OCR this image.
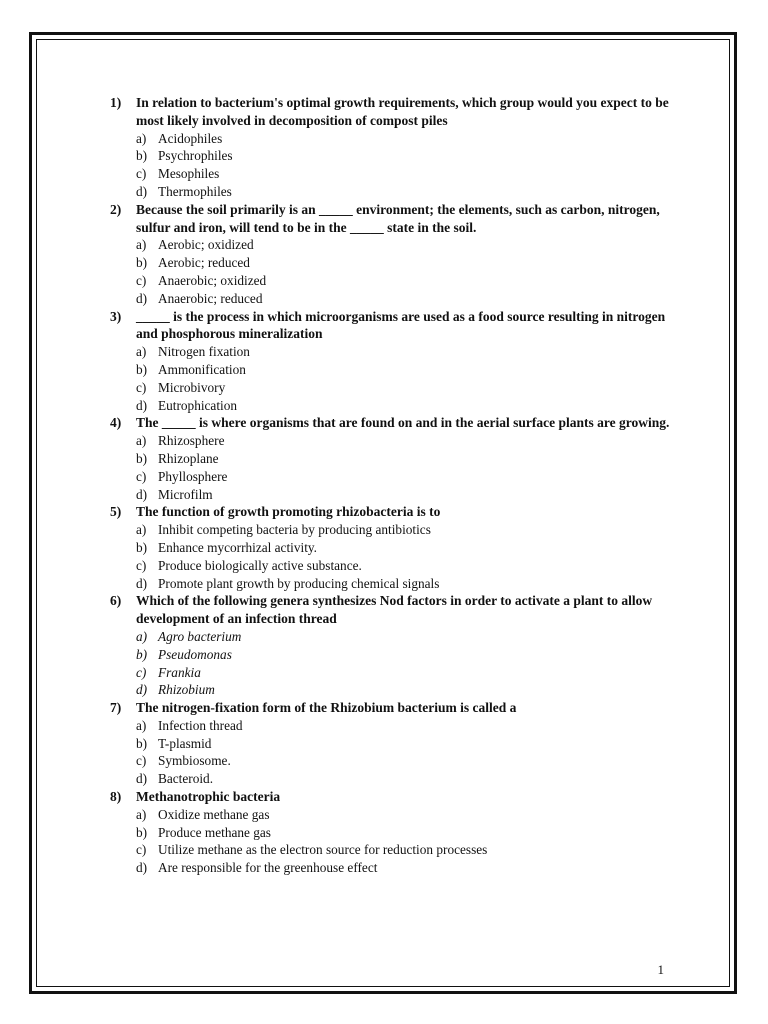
1)	In relation to bacterium's optimal growth requirements, which group would you expect to be most likely involved in decomposition of compost piles
a) Acidophiles
b) Psychrophiles
c) Mesophiles
d) Thermophiles
2)	Because the soil primarily is an _____ environment; the elements, such as carbon, nitrogen, sulfur and iron, will tend to be in the _____ state in the soil.
a) Aerobic; oxidized
b) Aerobic; reduced
c) Anaerobic; oxidized
d) Anaerobic; reduced
3)	_____ is the process in which microorganisms are used as a food source resulting in nitrogen and phosphorous mineralization
a) Nitrogen fixation
b) Ammonification
c) Microbivory
d) Eutrophication
4)	The _____ is where organisms that are found on and in the aerial surface plants are growing.
a) Rhizosphere
b) Rhizoplane
c) Phyllosphere
d) Microfilm
5)	The function of growth promoting rhizobacteria is to
a) Inhibit competing bacteria by producing antibiotics
b) Enhance mycorrhizal activity.
c) Produce biologically active substance.
d) Promote plant growth by producing chemical signals
6)	Which of the following genera synthesizes Nod factors in order to activate a plant to allow development of an infection thread
a) Agro bacterium
b) Pseudomonas
c) Frankia
d) Rhizobium
7)	The nitrogen-fixation form of the Rhizobium bacterium is called a
a) Infection thread
b) T-plasmid
c) Symbiosome.
d) Bacteroid.
8)	Methanotrophic bacteria
a) Oxidize methane gas
b) Produce methane gas
c) Utilize methane as the electron source for reduction processes
d) Are responsible for the greenhouse effect
1
